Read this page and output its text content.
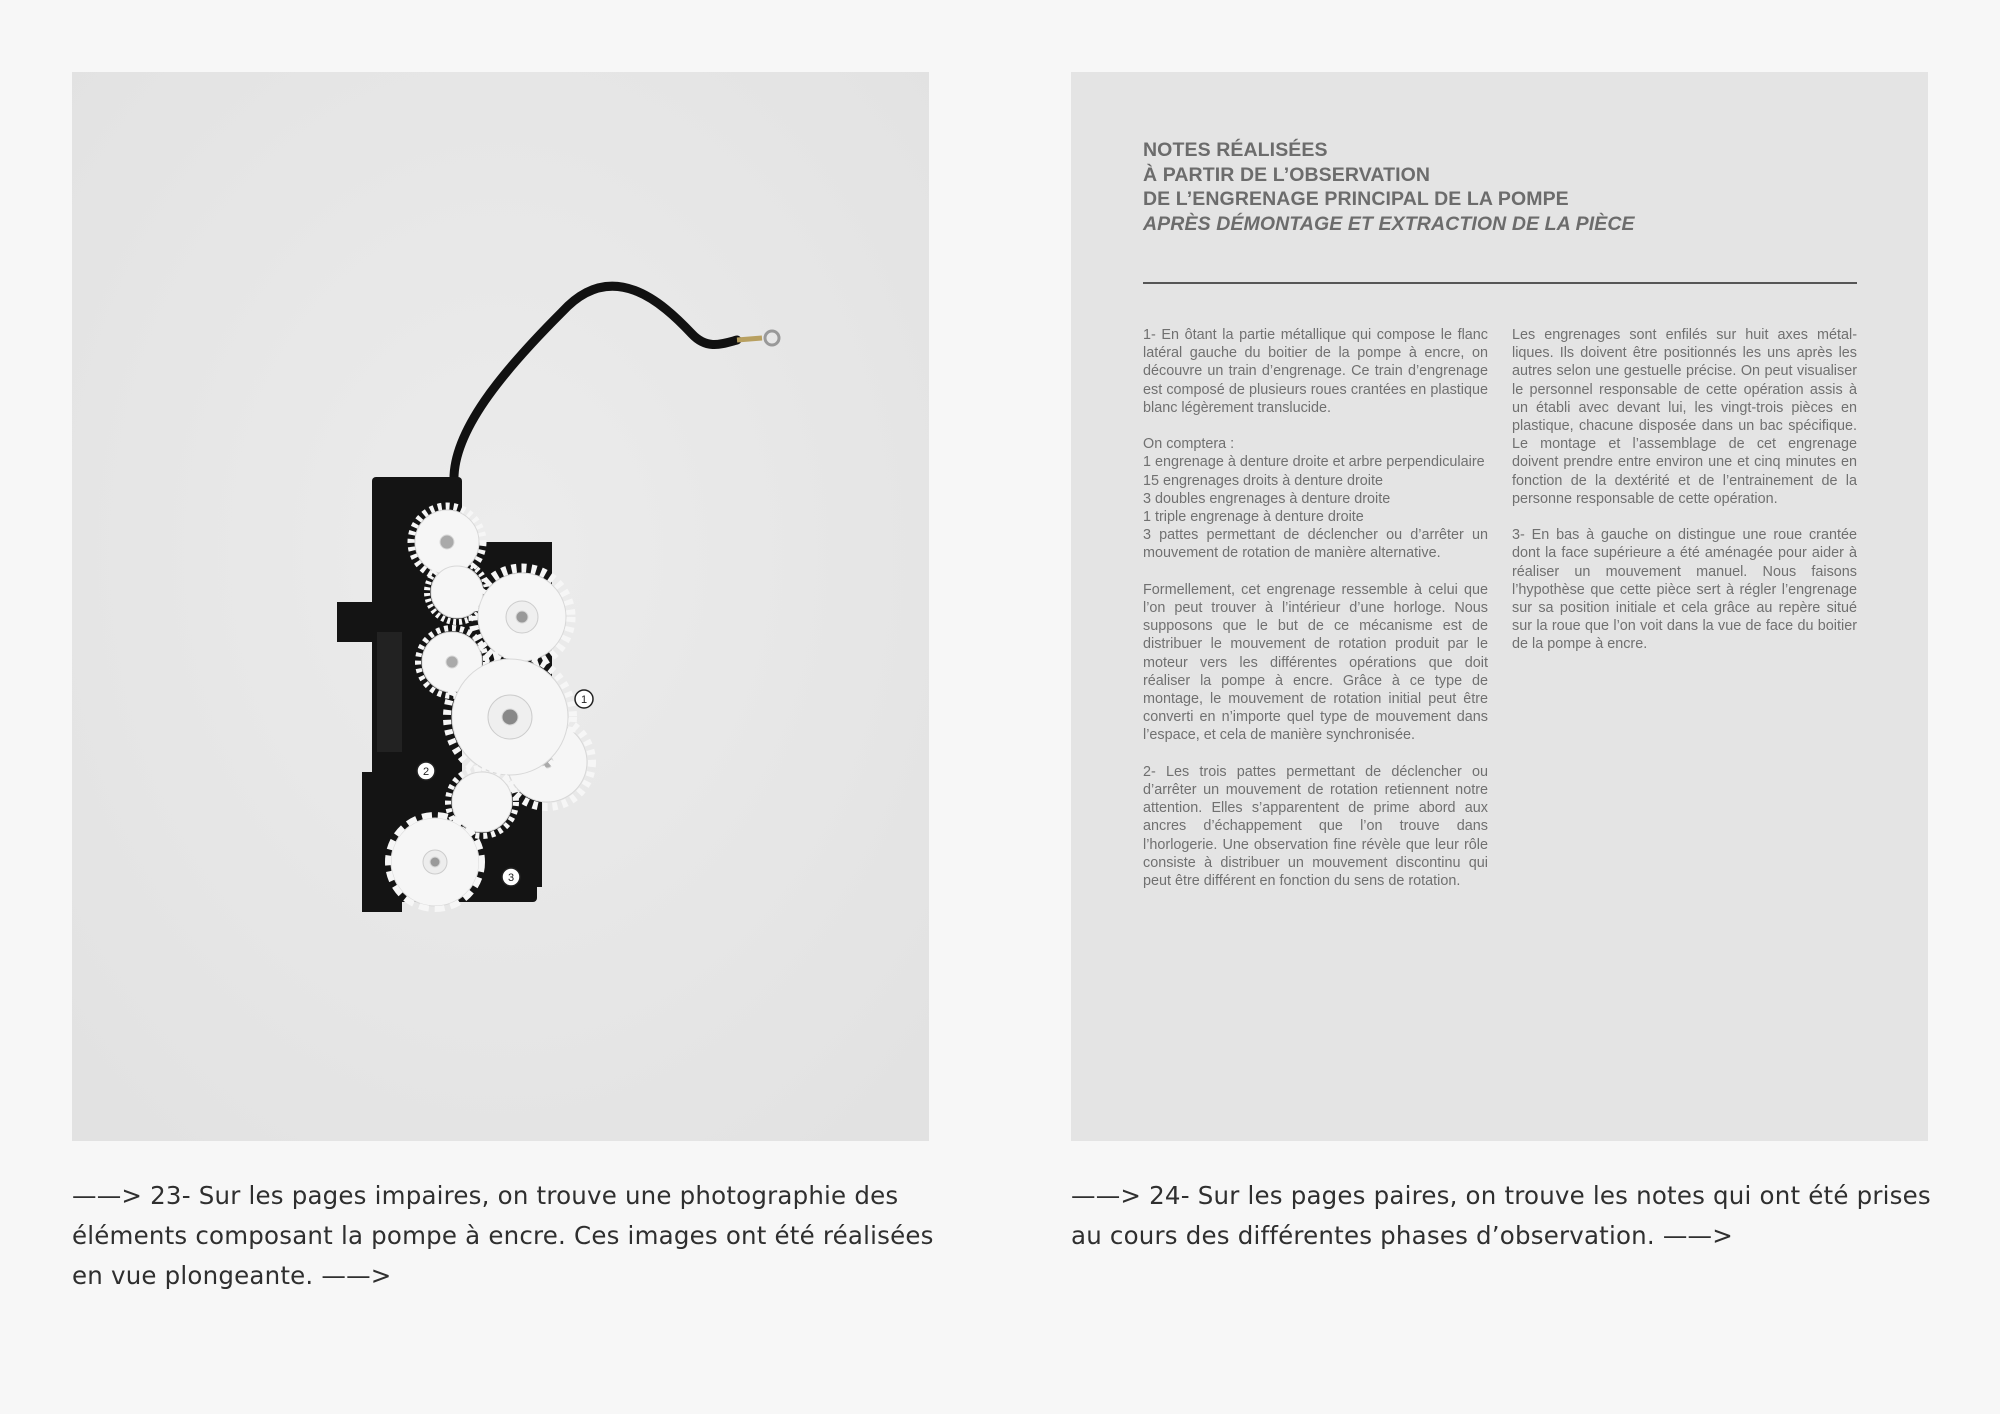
1
2
3
NOTES RÉALISÉES
À PARTIR DE L’OBSERVATION
DE L’ENGRENAGE PRINCIPAL DE LA POMPE
APRÈS DÉMONTAGE ET EXTRACTION DE LA PIÈCE

1- En ôtant la partie métallique qui compose le flanc latéral gauche du boitier de la pompe à encre, on découvre un train d’engrenage. Ce train d’engrenage est composé de plusieurs roues crantées en plastique blanc légèrement translucide.

On comptera :
1 engrenage à denture droite et arbre perpendiculaire
15 engrenages droits à denture droite
3 doubles engrenages à denture droite
1 triple engrenage à denture droite
3 pattes permettant de déclencher ou d’arrêter un mouvement de rotation de manière alternative.

Formellement, cet engrenage ressemble à celui que l’on peut trouver à l’intérieur d’une horloge. Nous supposons que le but de ce mécanisme est de distribuer le mouvement de rotation produit par le moteur vers les différentes opérations que doit réaliser la pompe à encre. Grâce à ce type de montage, le mouvement de rotation initial peut être converti en n’importe quel type de mouvement dans l’espace, et cela de manière synchronisée.

2- Les trois pattes permettant de déclencher ou d’arrêter un mouvement de rotation retiennent notre attention. Elles s’apparentent de prime abord aux ancres d’échappement que l’on trouve dans l’horlogerie. Une observation fine révèle que leur rôle consiste à distribuer un mouvement discontinu qui peut être différent en fonction du sens de rotation.

Les engrenages sont enfilés sur huit axes métalliques. Ils doivent être positionnés les uns après les autres selon une gestuelle précise. On peut visualiser le personnel responsable de cette opération assis à un établi avec devant lui, les vingt-trois pièces en plastique, chacune disposée dans un bac spécifique. Le montage et l’assemblage de cet engrenage doivent prendre entre environ une et cinq minutes en fonction de la dextérité et de l’entrainement de la personne responsable de cette opération.

3- En bas à gauche on distingue une roue crantée dont la face supérieure a été aménagée pour aider à réaliser un mouvement manuel. Nous faisons l’hypothèse que cette pièce sert à régler l’engrenage sur sa position initiale et cela grâce au repère situé sur la roue que l’on voit dans la vue de face du boitier de la pompe à encre.

——> 23- Sur les pages impaires, on trouve une photographie des éléments composant la pompe à encre. Ces images ont été réalisées en vue plongeante. ——>
——> 24- Sur les pages paires, on trouve les notes qui ont été prises au cours des différentes phases d’observation. ——>
